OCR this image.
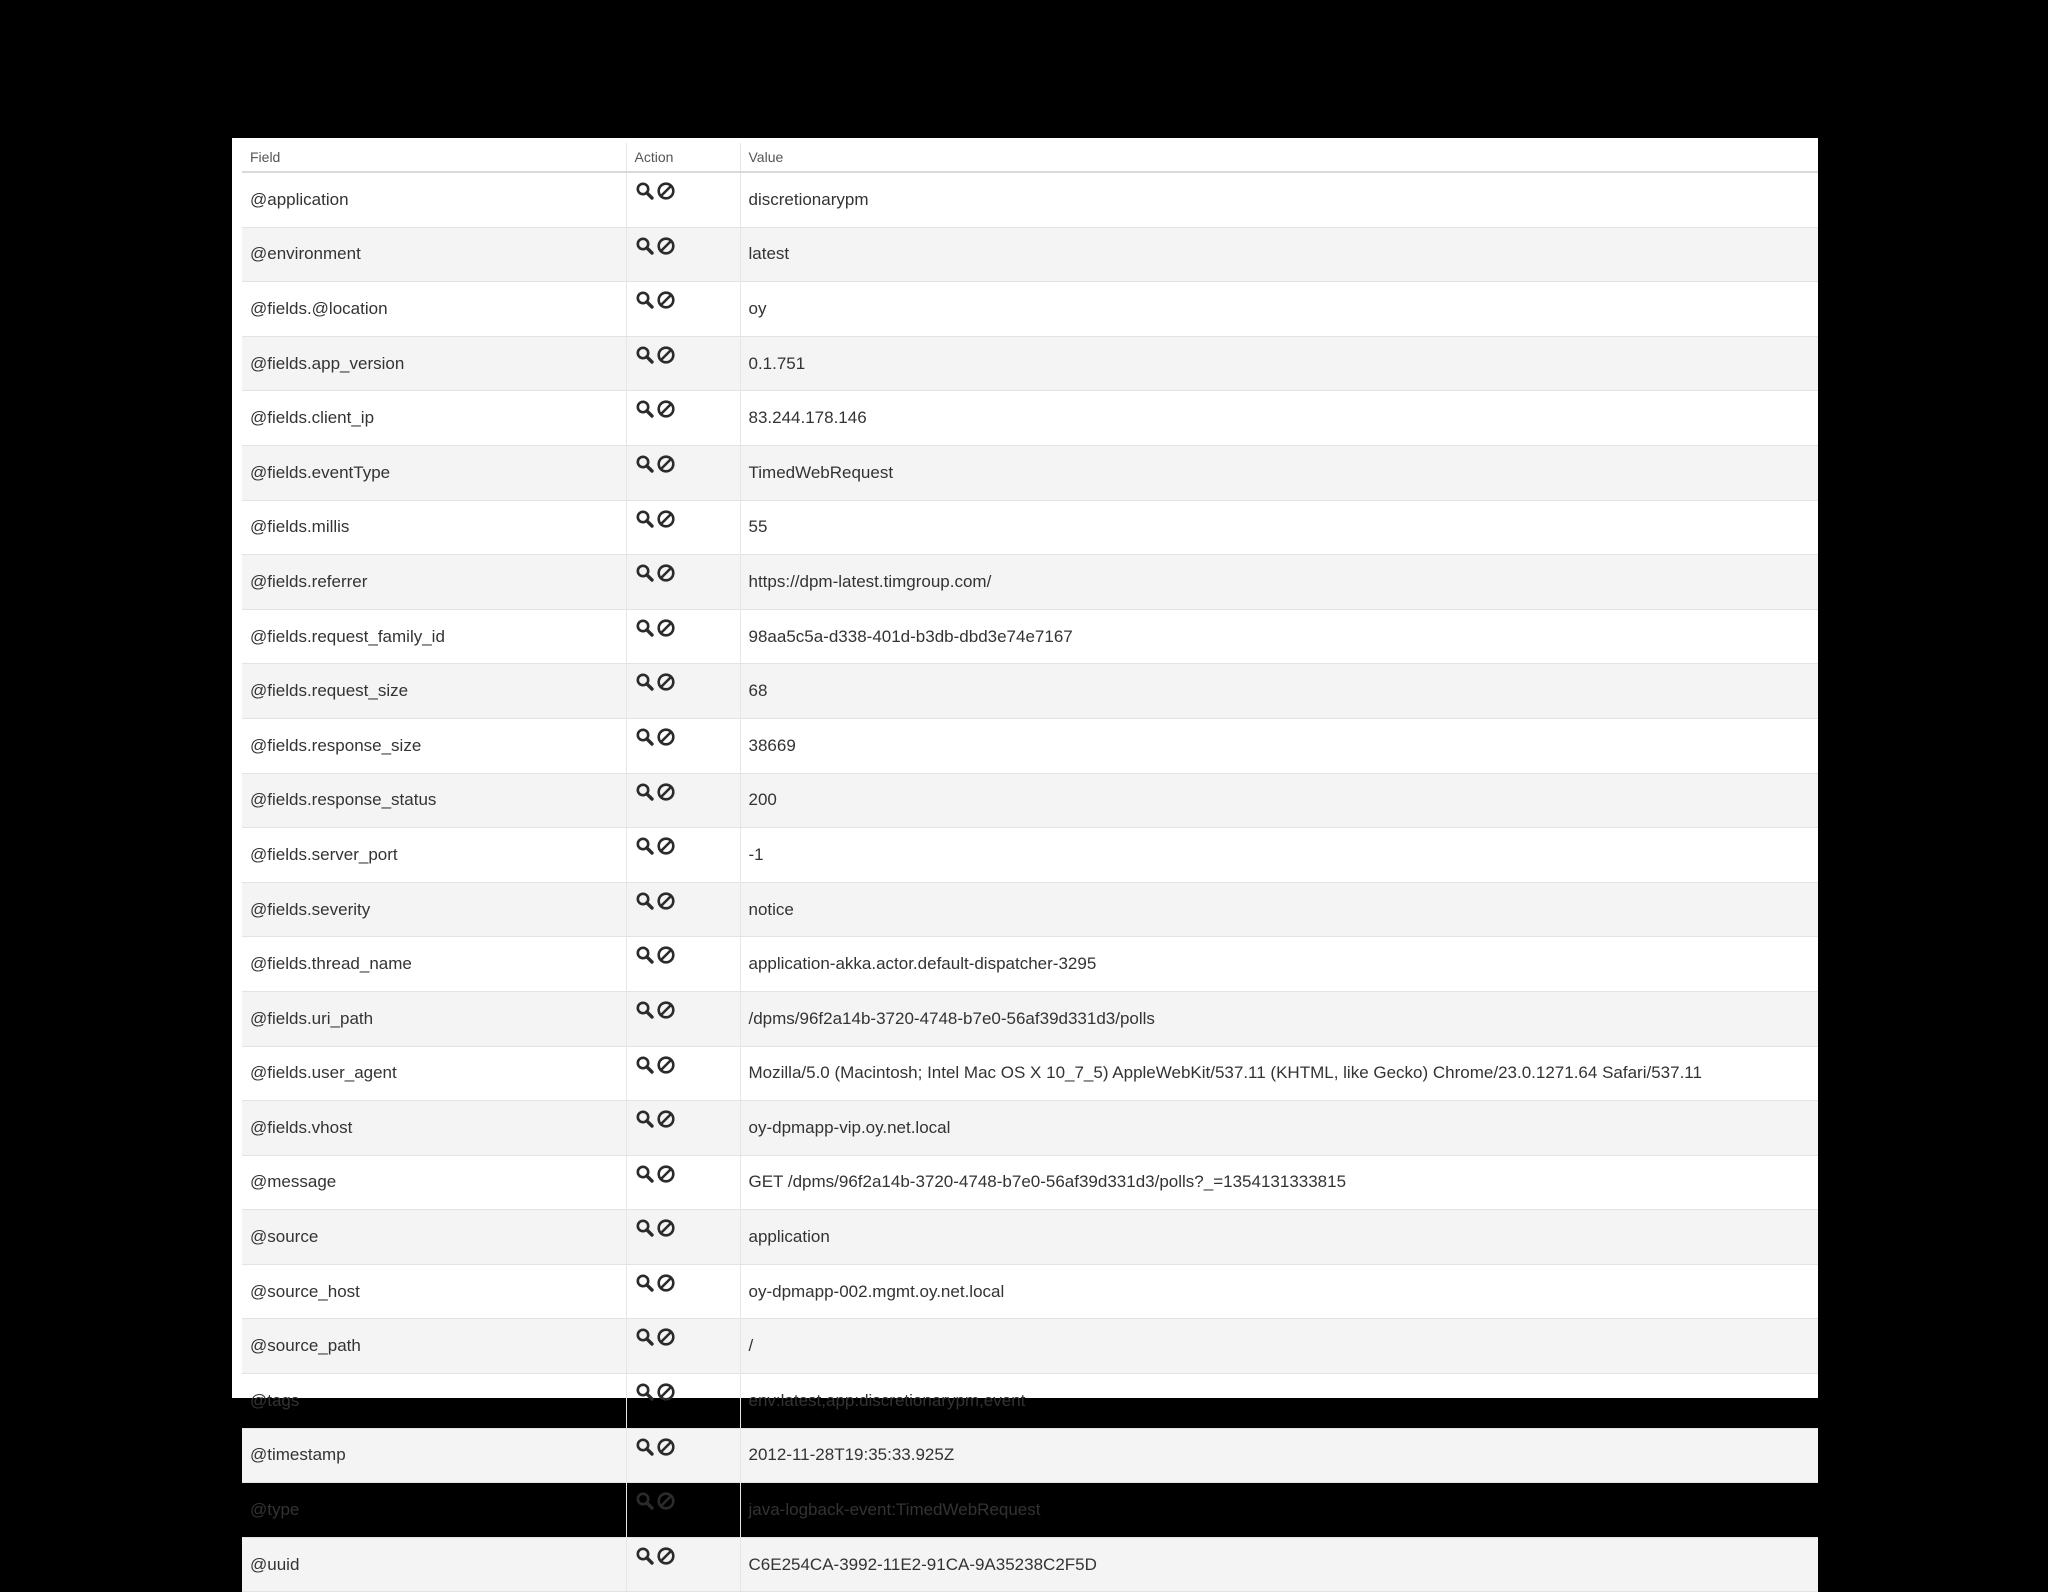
Field	Action	Value
@application		discretionarypm
@environment		latest
@fields.@location		oy
@fields.app_version		0.1.751
@fields.client_ip		83.244.178.146
@fields.eventType		TimedWebRequest
@fields.millis		55
@fields.referrer		https://dpm-latest.timgroup.com/
@fields.request_family_id		98aa5c5a-d338-401d-b3db-dbd3e74e7167
@fields.request_size		68
@fields.response_size		38669
@fields.response_status		200
@fields.server_port		-1
@fields.severity		notice
@fields.thread_name		application-akka.actor.default-dispatcher-3295
@fields.uri_path		/dpms/96f2a14b-3720-4748-b7e0-56af39d331d3/polls
@fields.user_agent		Mozilla/5.0 (Macintosh; Intel Mac OS X 10_7_5) AppleWebKit/537.11 (KHTML, like Gecko) Chrome/23.0.1271.64 Safari/537.11
@fields.vhost		oy-dpmapp-vip.oy.net.local
@message		GET /dpms/96f2a14b-3720-4748-b7e0-56af39d331d3/polls?_=1354131333815
@source		application
@source_host		oy-dpmapp-002.mgmt.oy.net.local
@source_path		/
@tags		env:latest,app:discretionarypm,event
@timestamp		2012-11-28T19:35:33.925Z
@type		java-logback-event:TimedWebRequest
@uuid		C6E254CA-3992-11E2-91CA-9A35238C2F5D
